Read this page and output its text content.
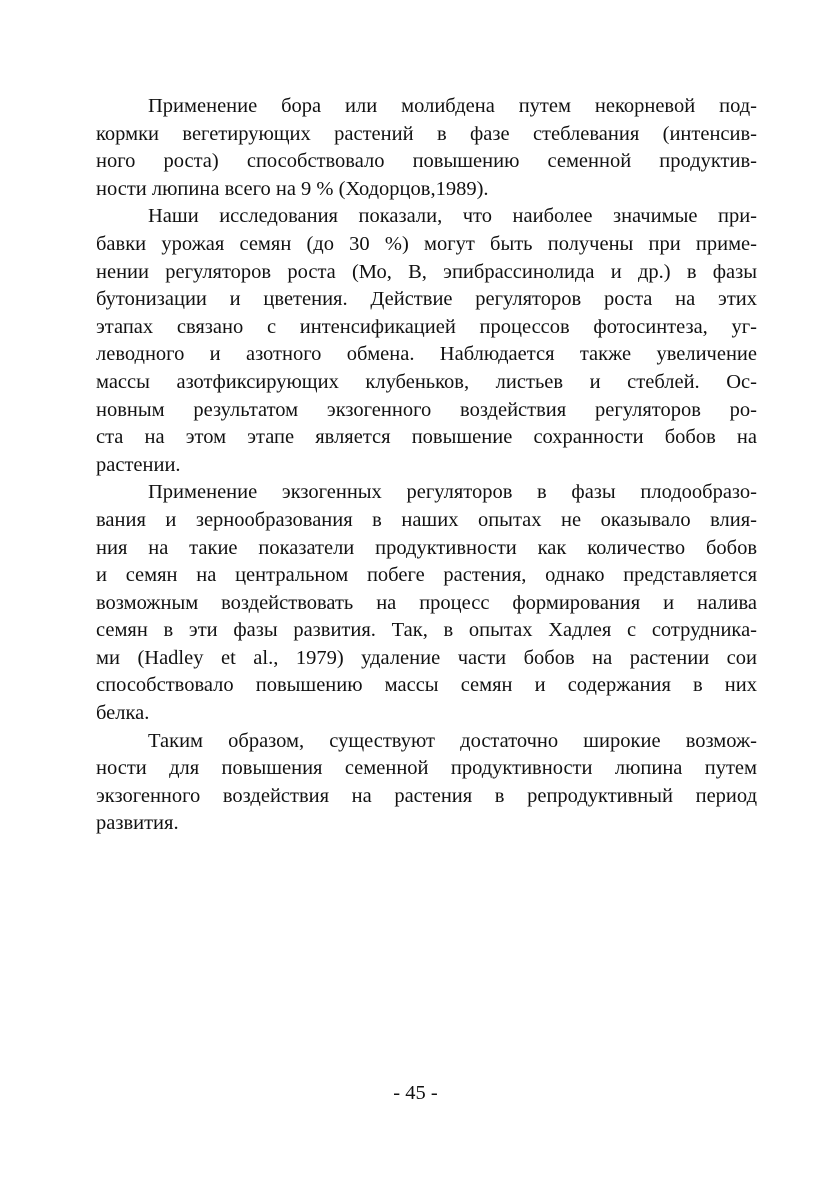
Применение бора или молибдена путем некорневой под-
кормки вегетирующих растений в фазе стеблевания (интенсив-
ного роста) способствовало повышению семенной продуктив-
ности люпина всего на 9 % (Ходорцов,1989).

Наши исследования показали, что наиболее значимые при-
бавки урожая семян (до 30 %) могут быть получены при приме-
нении регуляторов роста (Мо, В, эпибрассинолида и др.) в фазы
бутонизации и цветения. Действие регуляторов роста на этих
этапах связано с интенсификацией процессов фотосинтеза, уг-
леводного и азотного обмена. Наблюдается также увеличение
массы азотфиксирующих клубеньков, листьев и стеблей. Ос-
новным результатом экзогенного воздействия регуляторов ро-
ста на этом этапе является повышение сохранности бобов на
растении.

Применение экзогенных регуляторов в фазы плодообразо-
вания и зернообразования в наших опытах не оказывало влия-
ния на такие показатели продуктивности как количество бобов
и семян на центральном побеге растения, однако представляется
возможным воздействовать на процесс формирования и налива
семян в эти фазы развития. Так, в опытах Хадлея с сотрудника-
ми (Hadley et al., 1979) удаление части бобов на растении сои
способствовало повышению массы семян и содержания в них
белка.

Таким образом, существуют достаточно широкие возмож-
ности для повышения семенной продуктивности люпина путем
экзогенного воздействия на растения в репродуктивный период
развития.

- 45 -
